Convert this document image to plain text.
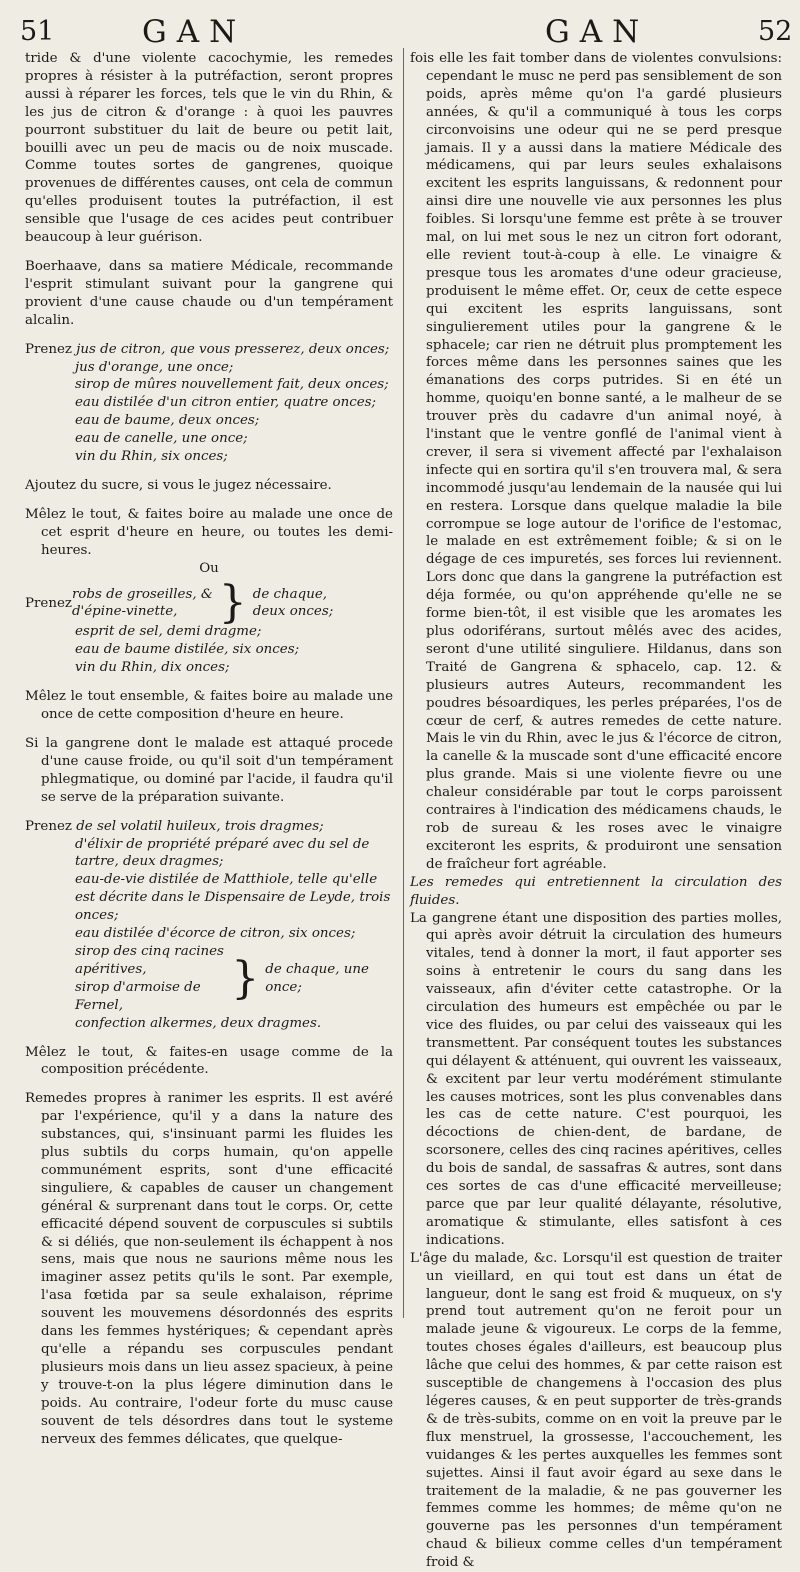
51	GAN	GAN	52

tride & d'une violente cacochymie, les remedes propres à résister à la putréfaction, seront propres aussi à réparer les forces, tels que le vin du Rhin, & les jus de citron & d'orange : à quoi les pauvres pourront substituer du lait de beure ou petit lait, bouilli avec un peu de macis ou de noix muscade. Comme toutes sortes de gangrenes, quoique provenues de différentes causes, ont cela de commun qu'elles produisent toutes la putréfaction, il est sensible que l'usage de ces acides peut contribuer beaucoup à leur guérison.

Boerhaave, dans sa matiere Médicale, recommande l'esprit stimulant suivant pour la gangrene qui provient d'une cause chaude ou d'un tempérament alcalin.

Prenez jus de citron, que vous presserez, deux onces;
jus d'orange, une once;
sirop de mûres nouvellement fait, deux onces;
eau distilée d'un citron entier, quatre onces;
eau de baume, deux onces;
eau de canelle, une once;
vin du Rhin, six onces;

Ajoutez du sucre, si vous le jugez nécessaire.

Mêlez le tout, & faites boire au malade une once de cet esprit d'heure en heure, ou toutes les demi-heures.

Ou

Prenez
robs de groseilles, &
d'épine-vinette, } de chaque, deux onces;
esprit de sel, demi dragme;
eau de baume distilée, six onces;
vin du Rhin, dix onces;

Mêlez le tout ensemble, & faites boire au malade une once de cette composition d'heure en heure.

Si la gangrene dont le malade est attaqué procede d'une cause froide, ou qu'il soit d'un tempérament phlegmatique, ou dominé par l'acide, il faudra qu'il se serve de la préparation suivante.

Prenez de sel volatil huileux, trois dragmes;
d'élixir de propriété préparé avec du sel de tartre, deux dragmes;
eau-de-vie distilée de Matthiole, telle qu'elle est décrite dans le Dispensaire de Leyde, trois onces;
eau distilée d'écorce de citron, six onces;
sirop des cinq racines apéritives,
sirop d'armoise de Fernel,
} de chaque, une once;
confection alkermes, deux dragmes.

Mêlez le tout, & faites-en usage comme de la composition précédente.

Remedes propres à ranimer les esprits. Il est avéré par l'expérience, qu'il y a dans la nature des substances, qui, s'insinuant parmi les fluides les plus subtils du corps humain, qu'on appelle communément esprits, sont d'une efficacité singuliere, & capables de causer un changement général & surprenant dans tout le corps. Or, cette efficacité dépend souvent de corpuscules si subtils & si déliés, que non-seulement ils échappent à nos sens, mais que nous ne saurions même nous les imaginer assez petits qu'ils le sont. Par exemple, l'asa fœtida par sa seule exhalaison, réprime souvent les mouvemens désordonnés des esprits dans les femmes hystériques; & cependant après qu'elle a répandu ses corpuscules pendant plusieurs mois dans un lieu assez spacieux, à peine y trouve-t-on la plus légere diminution dans le poids. Au contraire, l'odeur forte du musc cause souvent de tels désordres dans tout le systeme nerveux des femmes délicates, que quelque-

fois elle les fait tomber dans de violentes convulsions: cependant le musc ne perd pas sensiblement de son poids, après même qu'on l'a gardé plusieurs années, & qu'il a communiqué à tous les corps circonvoisins une odeur qui ne se perd presque jamais. Il y a aussi dans la matiere Médicale des médicamens, qui par leurs seules exhalaisons excitent les esprits languissans, & redonnent pour ainsi dire une nouvelle vie aux personnes les plus foibles. Si lorsqu'une femme est prête à se trouver mal, on lui met sous le nez un citron fort odorant, elle revient tout-à-coup à elle. Le vinaigre & presque tous les aromates d'une odeur gracieuse, produisent le même effet. Or, ceux de cette espece qui excitent les esprits languissans, sont singulierement utiles pour la gangrene & le sphacele; car rien ne détruit plus promptement les forces même dans les personnes saines que les émanations des corps putrides. Si en été un homme, quoiqu'en bonne santé, a le malheur de se trouver près du cadavre d'un animal noyé, à l'instant que le ventre gonflé de l'animal vient à crever, il sera si vivement affecté par l'exhalaison infecte qui en sortira qu'il s'en trouvera mal, & sera incommodé jusqu'au lendemain de la nausée qui lui en restera. Lorsque dans quelque maladie la bile corrompue se loge autour de l'orifice de l'estomac, le malade en est extrêmement foible; & si on le dégage de ces impuretés, ses forces lui reviennent. Lors donc que dans la gangrene la putréfaction est déja formée, ou qu'on appréhende qu'elle ne se forme bien-tôt, il est visible que les aromates les plus odoriférans, surtout mêlés avec des acides, seront d'une utilité singuliere. Hildanus, dans son Traité de Gangrena & sphacelo, cap. 12. & plusieurs autres Auteurs, recommandent les poudres bésoardiques, les perles préparées, l'os de cœur de cerf, & autres remedes de cette nature. Mais le vin du Rhin, avec le jus & l'écorce de citron, la canelle & la muscade sont d'une efficacité encore plus grande. Mais si une violente fievre ou une chaleur considérable par tout le corps paroissent contraires à l'indication des médicamens chauds, le rob de sureau & les roses avec le vinaigre exciteront les esprits, & produiront une sensation de fraîcheur fort agréable.

Les remedes qui entretiennent la circulation des fluides.

La gangrene étant une disposition des parties molles, qui après avoir détruit la circulation des humeurs vitales, tend à donner la mort, il faut apporter ses soins à entretenir le cours du sang dans les vaisseaux, afin d'éviter cette catastrophe. Or la circulation des humeurs est empêchée ou par le vice des fluides, ou par celui des vaisseaux qui les transmettent. Par conséquent toutes les substances qui délayent & atténuent, qui ouvrent les vaisseaux, & excitent par leur vertu modérément stimulante les causes motrices, sont les plus convenables dans les cas de cette nature. C'est pourquoi, les décoctions de chien-dent, de bardane, de scorsonere, celles des cinq racines apéritives, celles du bois de sandal, de sassafras & autres, sont dans ces sortes de cas d'une efficacité merveilleuse; parce que par leur qualité délayante, résolutive, aromatique & stimulante, elles satisfont à ces indications.

L'âge du malade, &c. Lorsqu'il est question de traiter un vieillard, en qui tout est dans un état de langueur, dont le sang est froid & muqueux, on s'y prend tout autrement qu'on ne feroit pour un malade jeune & vigoureux. Le corps de la femme, toutes choses égales d'ailleurs, est beaucoup plus lâche que celui des hommes, & par cette raison est susceptible de changemens à l'occasion des plus légeres causes, & en peut supporter de très-grands & de très-subits, comme on en voit la preuve par le flux menstruel, la grossesse, l'accouchement, les vuidanges & les pertes auxquelles les femmes sont sujettes. Ainsi il faut avoir égard au sexe dans le traitement de la maladie, & ne pas gouverner les femmes comme les hommes; de même qu'on ne gouverne pas les personnes d'un tempérament chaud & bilieux comme celles d'un tempérament froid &
